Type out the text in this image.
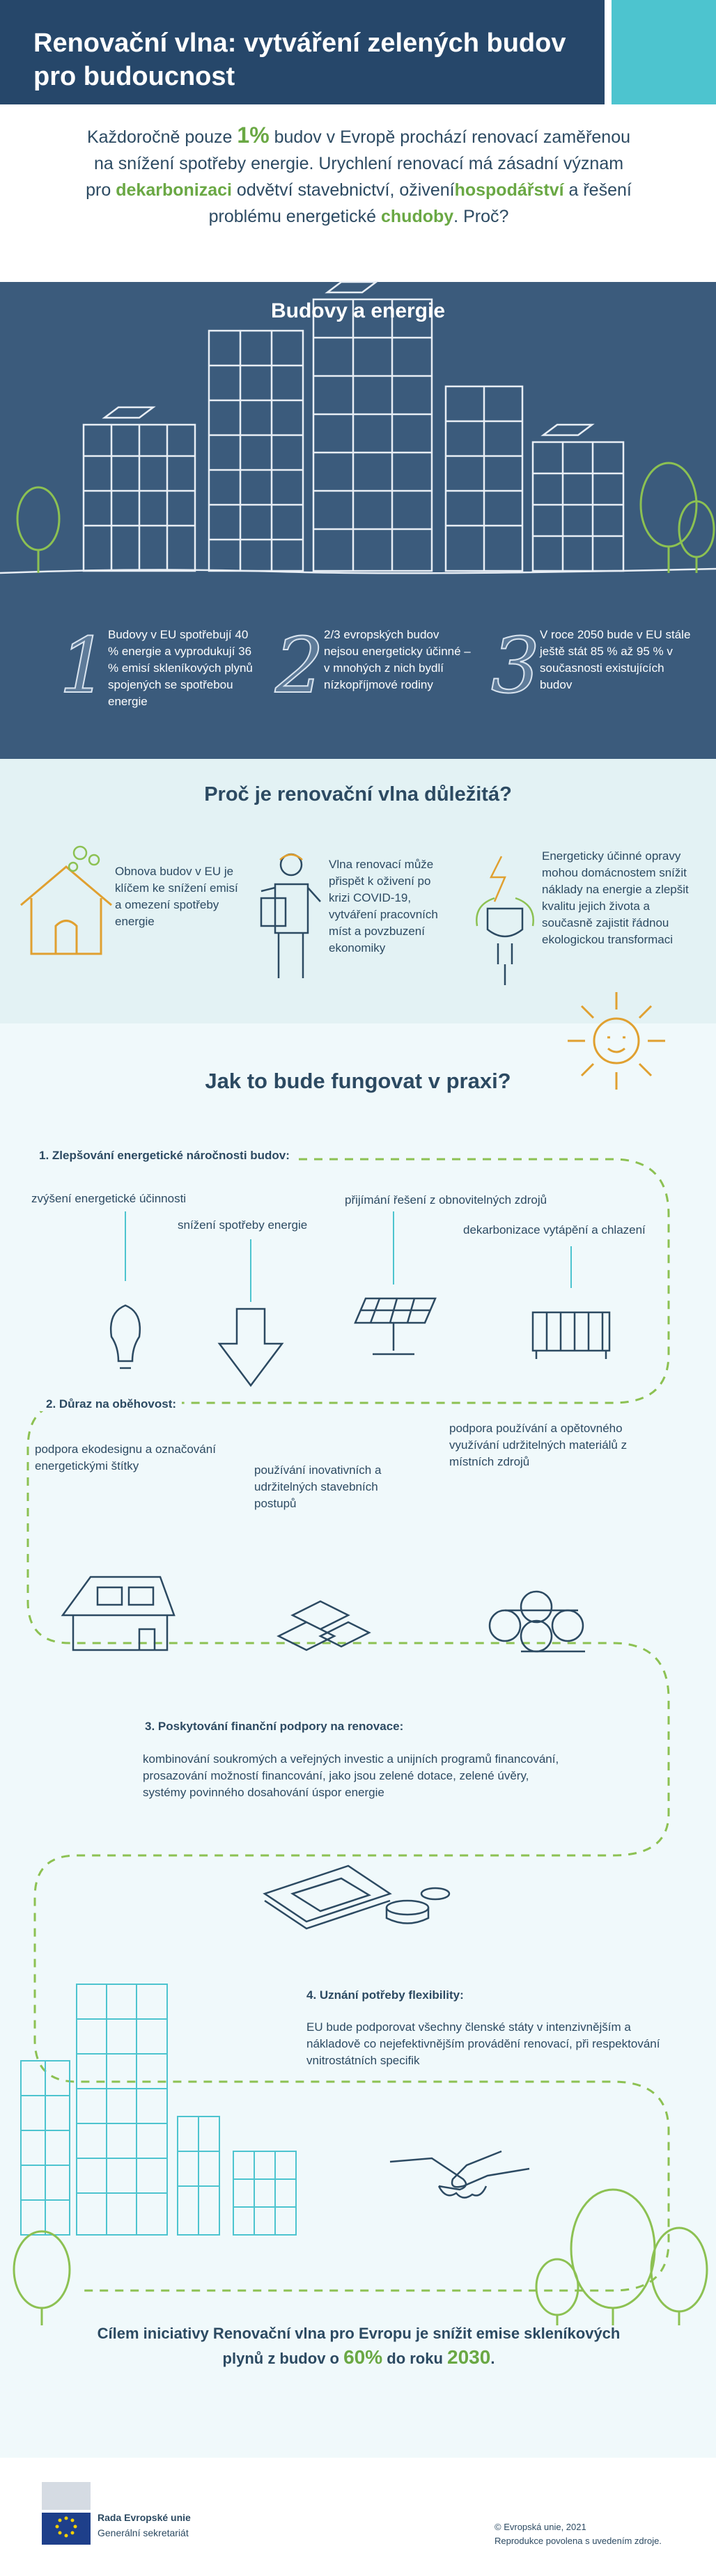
Renovační vlna: vytváření zelených budov pro budoucnost

Každoročně pouze 1% budov v Evropě prochází renovací zaměřenou na snížení spotřeby energie. Urychlení renovací má zásadní význam pro dekarbonizaci odvětví stavebnictví, oživeníhospodářství a řešení problému energetické chudoby. Proč?

Budovy a energie
1 Budovy v EU spotřebují 40 % energie a vyprodukují 36 % emisí skleníkových plynů spojených se spotřebou energie	2 2/3 evropských budov nejsou energeticky účinné – v mnohých z nich bydlí nízkopříjmové rodiny 3 V roce 2050 bude v EU stále ještě stát 85 % až 95 % v současnosti existujících budov
Proč je renovační vlna důležitá?
Obnova budov v EU je klíčem ke snížení emisí a omezení spotřeby energie
Vlna renovací může přispět k oživení po krizi COVID-19, vytváření pracovních míst a povzbuzení ekonomiky
Energeticky účinné opravy mohou domácnostem snížit náklady na energie a zlepšit kvalitu jejich života a současně zajistit řádnou ekologickou transformaci
Jak to bude fungovat v praxi?
1. Zlepšování energetické náročnosti budov:
zvýšení energetické účinnosti
snížení spotřeby energie
přijímání řešení z obnovitelných zdrojů
dekarbonizace vytápění a chlazení
2. Důraz na oběhovost:
podpora ekodesignu a označování energetickými štítky	používání inovativních a udržitelných stavebních postupů
podpora používání a opětovného využívání udržitelných materiálů z místních zdrojů
3. Poskytování finanční podpory na renovace:
kombinování soukromých a veřejných investic a unijních programů financování, prosazování možností financování, jako jsou zelené dotace, zelené úvěry, systémy povinného dosahování úspor energie
4. Uznání potřeby flexibility:
EU bude podporovat všechny členské státy v intenzivnějším a nákladově co nejefektivnějším provádění renovací, při respektování vnitrostátních specifik

Cílem iniciativy Renovační vlna pro Evropu je snížit emise skleníkových plynů z budov o 60% do roku 2030.

Rada Evropské unie
Generální sekretariát
© Evropská unie, 2021
Reprodukce povolena s uvedením zdroje.
